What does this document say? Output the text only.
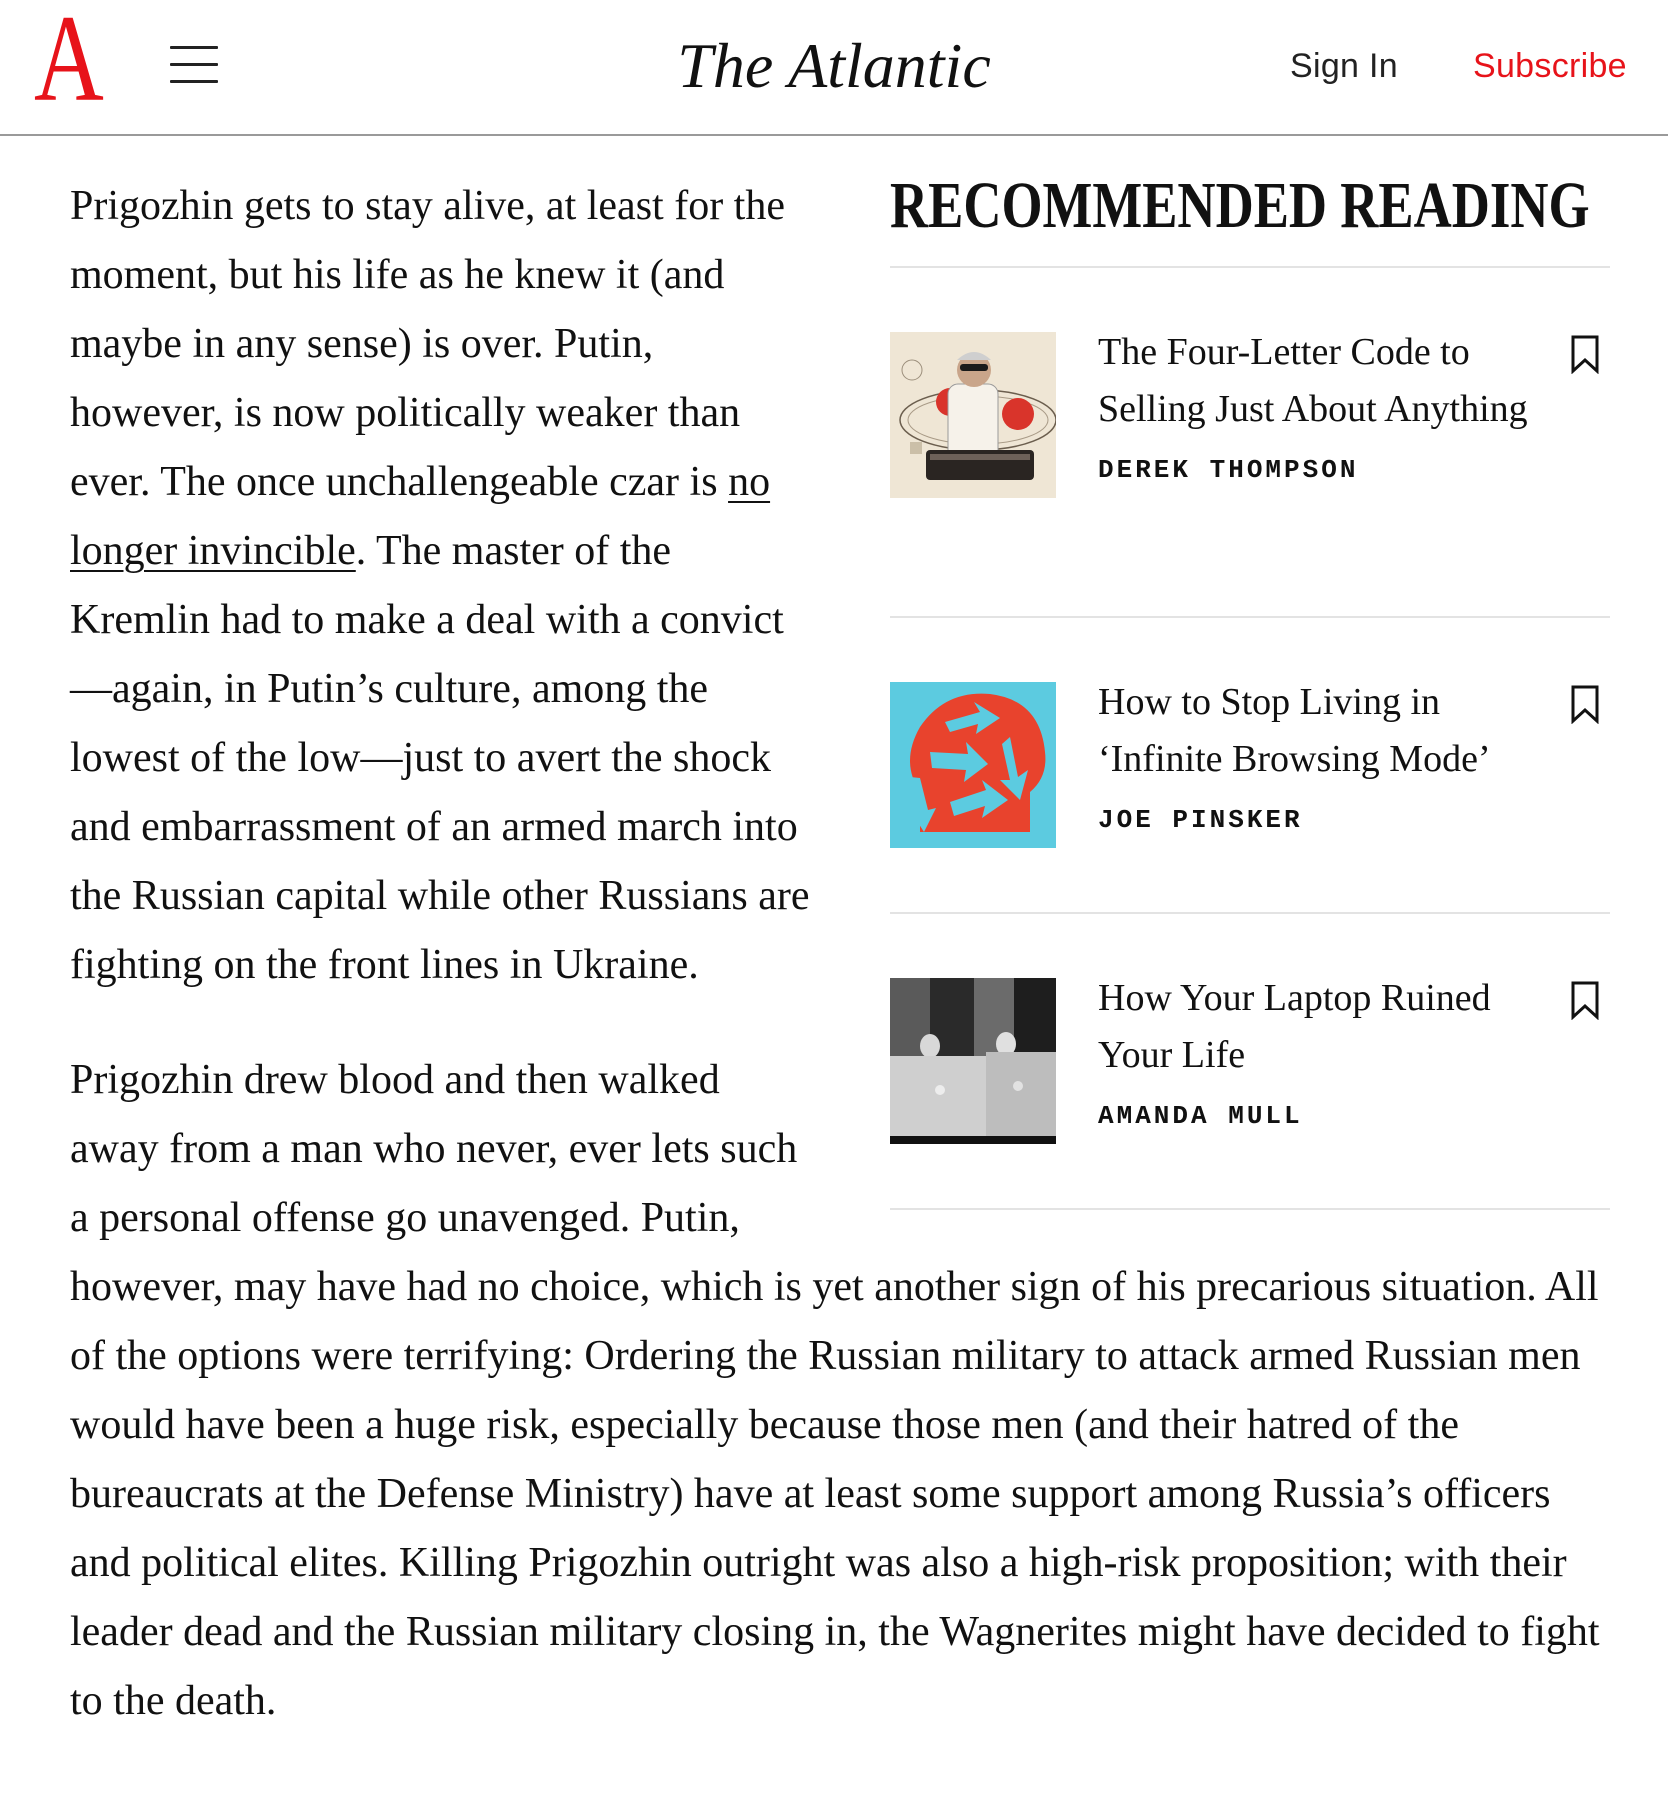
A	The Atlantic	Sign In Subscribe
RECOMMENDED READING
The Four-Letter Code to Selling Just About Anything
DEREK THOMPSON
How to Stop Living in ‘Infinite Browsing Mode’
JOE PINSKER
How Your Laptop Ruined Your Life
AMANDA MULL

Prigozhin gets to stay alive, at least for the moment, but his life as he knew it (and maybe in any sense) is over. Putin, however, is now politically weaker than ever. The once unchallengeable czar is no longer invincible. The master of the Kremlin had to make a deal with a convict—again, in Putin’s culture, among the lowest of the low—just to avert the shock and embarrassment of an armed march into the Russian capital while other Russians are fighting on the front lines in Ukraine.

Prigozhin drew blood and then walked away from a man who never, ever lets such a personal offense go unavenged. Putin, however, may have had no choice, which is yet another sign of his precarious situation. All of the options were terrifying: Ordering the Russian military to attack armed Russian men would have been a huge risk, especially because those men (and their hatred of the bureaucrats at the Defense Ministry) have at least some support among Russia’s officers and political elites. Killing Prigozhin outright was also a high-risk proposition; with their leader dead and the Russian military closing in, the Wagnerites might have decided to fight to the death.
